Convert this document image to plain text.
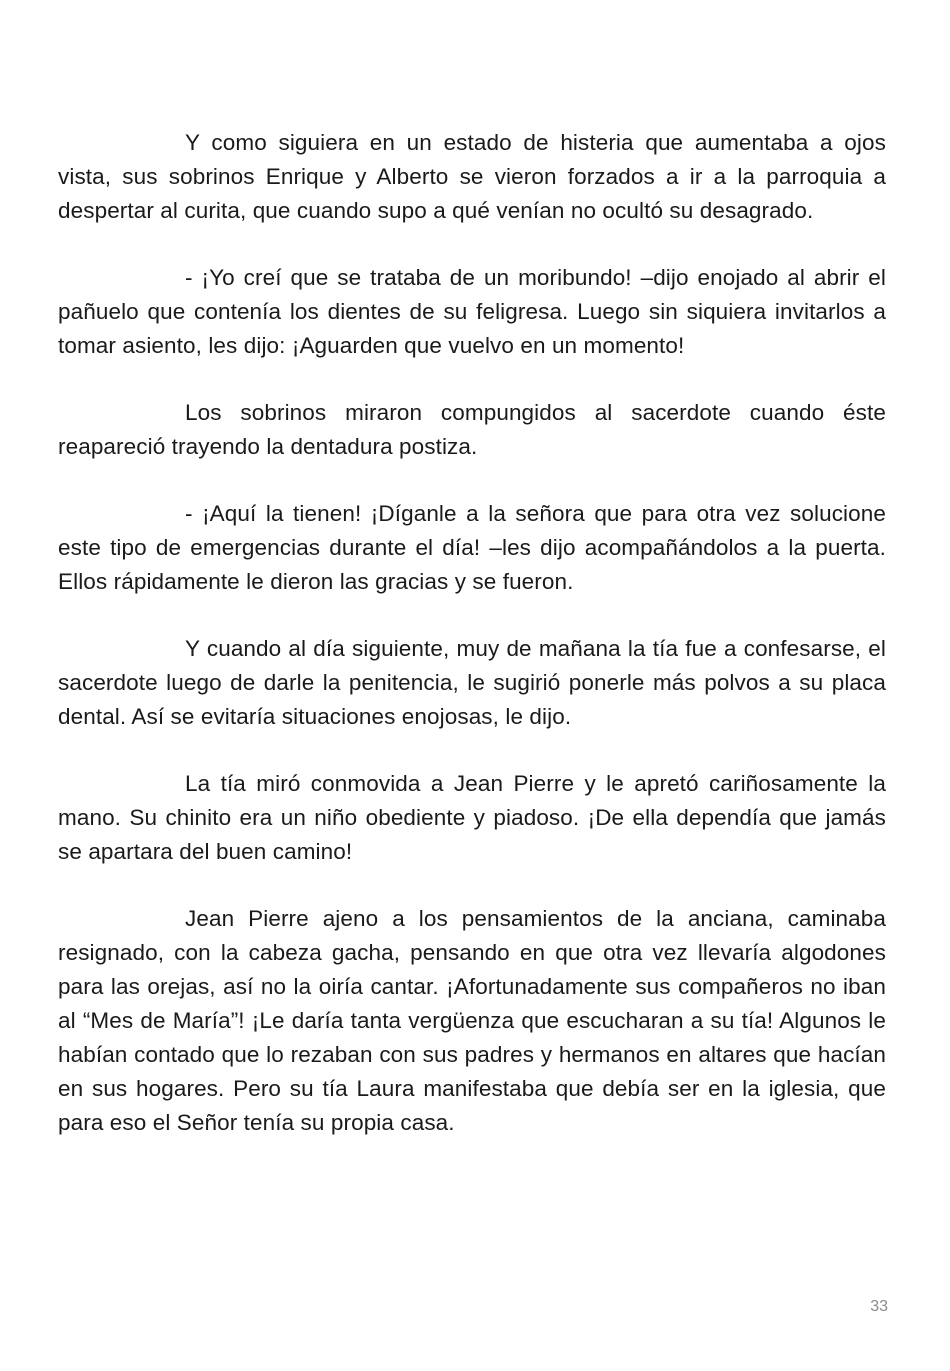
Y como siguiera en un estado de histeria que aumentaba a ojos vista, sus sobrinos Enrique y Alberto se vieron forzados a ir a la parroquia a despertar al curita, que cuando supo a qué venían no ocultó su desagrado.

- ¡Yo creí que se trataba de un moribundo! –dijo enojado al abrir el pañuelo que contenía los dientes de su feligresa. Luego sin siquiera invitarlos a tomar asiento, les dijo: ¡Aguarden que vuelvo en un momento!

Los sobrinos miraron compungidos al sacerdote cuando éste reapareció trayendo la dentadura postiza.

- ¡Aquí la tienen! ¡Díganle a la señora que para otra vez solucione este tipo de emergencias durante el día! –les dijo acompañándolos a la puerta. Ellos rápidamente le dieron las gracias y se fueron.

Y cuando al día siguiente, muy de mañana la tía fue a confesarse, el sacerdote luego de darle la penitencia, le sugirió ponerle más polvos a su placa dental. Así se evitaría situaciones enojosas, le dijo.

La tía miró conmovida a Jean Pierre y le apretó cariñosamente la mano. Su chinito era un niño obediente y piadoso. ¡De ella dependía que jamás se apartara del buen camino!

Jean Pierre ajeno a los pensamientos de la anciana, caminaba resignado, con la cabeza gacha, pensando en que otra vez llevaría algodones para las orejas, así no la oiría cantar. ¡Afortunadamente sus compañeros no iban al “Mes de María”! ¡Le daría tanta vergüenza que escucharan a su tía! Algunos le habían contado que lo rezaban con sus padres y hermanos en altares que hacían en sus hogares. Pero su tía Laura manifestaba que debía ser en la iglesia, que para eso el Señor tenía su propia casa.

33
